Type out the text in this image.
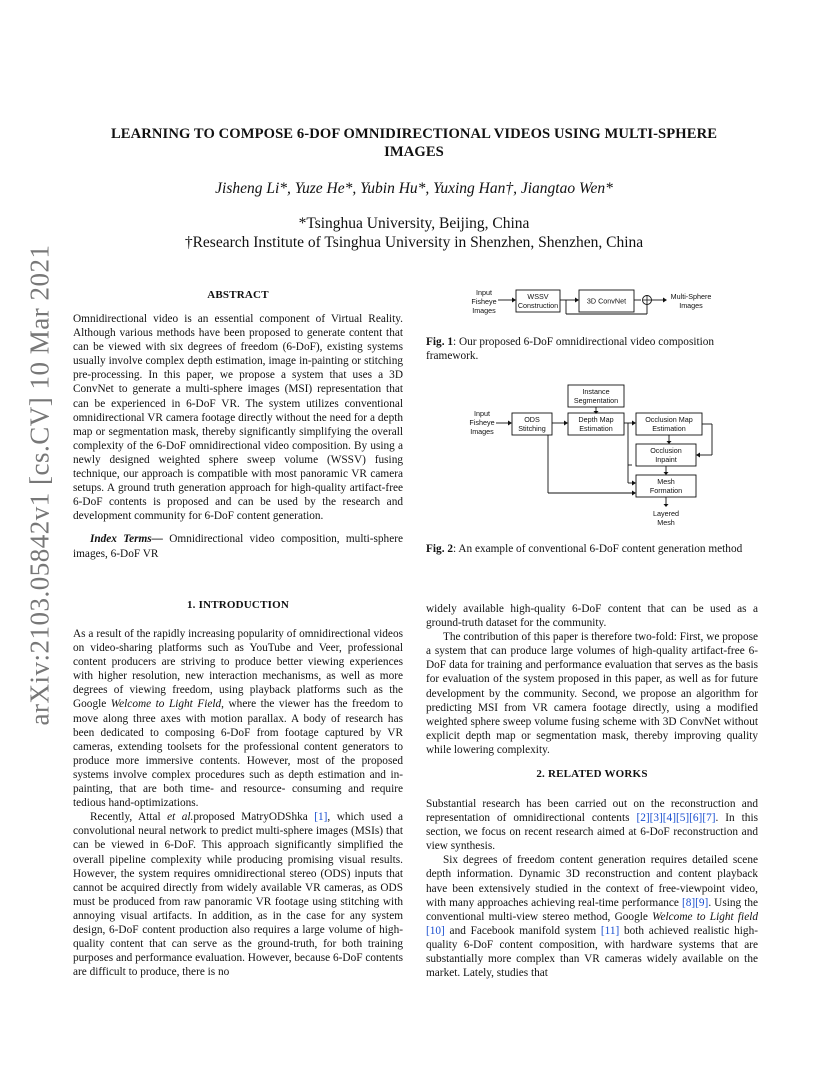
arXiv:2103.05842v1 [cs.CV] 10 Mar 2021
LEARNING TO COMPOSE 6-DOF OMNIDIRECTIONAL VIDEOS USING MULTI-SPHERE
IMAGES
Jisheng Li*, Yuze He*, Yubin Hu*, Yuxing Han†, Jiangtao Wen*
*Tsinghua University, Beijing, China
†Research Institute of Tsinghua University in Shenzhen, Shenzhen, China
ABSTRACT

Omnidirectional video is an essential component of Virtual Reality. Although various methods have been proposed to generate content that can be viewed with six degrees of freedom (6-DoF), existing systems usually involve complex depth estimation, image in-painting or stitching pre-processing. In this paper, we propose a system that uses a 3D ConvNet to generate a multi-sphere images (MSI) representation that can be experienced in 6-DoF VR. The system utilizes conventional omnidirectional VR camera footage directly without the need for a depth map or segmentation mask, thereby significantly simplifying the overall complexity of the 6-DoF omnidirectional video composition. By using a newly designed weighted sphere sweep volume (WSSV) fusing technique, our approach is compatible with most panoramic VR camera setups. A ground truth generation approach for high-quality artifact-free 6-DoF contents is proposed and can be used by the research and development community for 6-DoF content generation.

Index Terms— Omnidirectional video composition, multi-sphere images, 6-DoF VR

1. INTRODUCTION

As a result of the rapidly increasing popularity of omnidirectional videos on video-sharing platforms such as YouTube and Veer, professional content producers are striving to produce better viewing experiences with higher resolution, new interaction mechanisms, as well as more degrees of viewing freedom, using playback platforms such as the Google Welcome to Light Field, where the viewer has the freedom to move along three axes with motion parallax. A body of research has been dedicated to composing 6-DoF from footage captured by VR cameras, extending toolsets for the professional content generators to produce more immersive contents. However, most of the proposed systems involve complex procedures such as depth estimation and in-painting, that are both time- and resource- consuming and require tedious hand-optimizations.

Recently, Attal et al.proposed MatryODShka [1], which used a convolutional neural network to predict multi-sphere images (MSIs) that can be viewed in 6-DoF. This approach significantly simplified the overall pipeline complexity while producing promising visual results. However, the system requires omnidirectional stereo (ODS) inputs that cannot be acquired directly from widely available VR cameras, as ODS must be produced from raw panoramic VR footage using stitching with annoying visual artifacts. In addition, as in the case for any system design, 6-DoF content production also requires a large volume of high-quality content that can serve as the ground-truth, for both training purposes and performance evaluation. However, because 6-DoF contents are difficult to produce, there is no

Input
Fisheye
Images
WSSV
Construction	3D ConvNet	Multi-Sphere
Images
Fig. 1: Our proposed 6-DoF omnidirectional video composition framework.
Input
Fisheye
Images
ODS
Stitching
Instance
Segmentation
Depth Map
Estimation
Occlusion Map
Estimation
Occlusion
Inpaint
Mesh
Formation
Layered
Mesh
Fig. 2: An example of conventional 6-DoF content generation method

widely available high-quality 6-DoF content that can be used as a ground-truth dataset for the community.

The contribution of this paper is therefore two-fold: First, we propose a system that can produce large volumes of high-quality artifact-free 6-DoF data for training and performance evaluation that serves as the basis for evaluation of the system proposed in this paper, as well as for future development by the community. Second, we propose an algorithm for predicting MSI from VR camera footage directly, using a modified weighted sphere sweep volume fusing scheme with 3D ConvNet without explicit depth map or segmentation mask, thereby improving quality while lowering complexity.

2. RELATED WORKS

Substantial research has been carried out on the reconstruction and representation of omnidirectional contents [2][3][4][5][6][7]. In this section, we focus on recent research aimed at 6-DoF reconstruction and view synthesis.

Six degrees of freedom content generation requires detailed scene depth information. Dynamic 3D reconstruction and content playback have been extensively studied in the context of free-viewpoint video, with many approaches achieving real-time performance [8][9]. Using the conventional multi-view stereo method, Google Welcome to Light field [10] and Facebook manifold system [11] both achieved realistic high-quality 6-DoF content composition, with hardware systems that are substantially more complex than VR cameras widely available on the market. Lately, studies that
